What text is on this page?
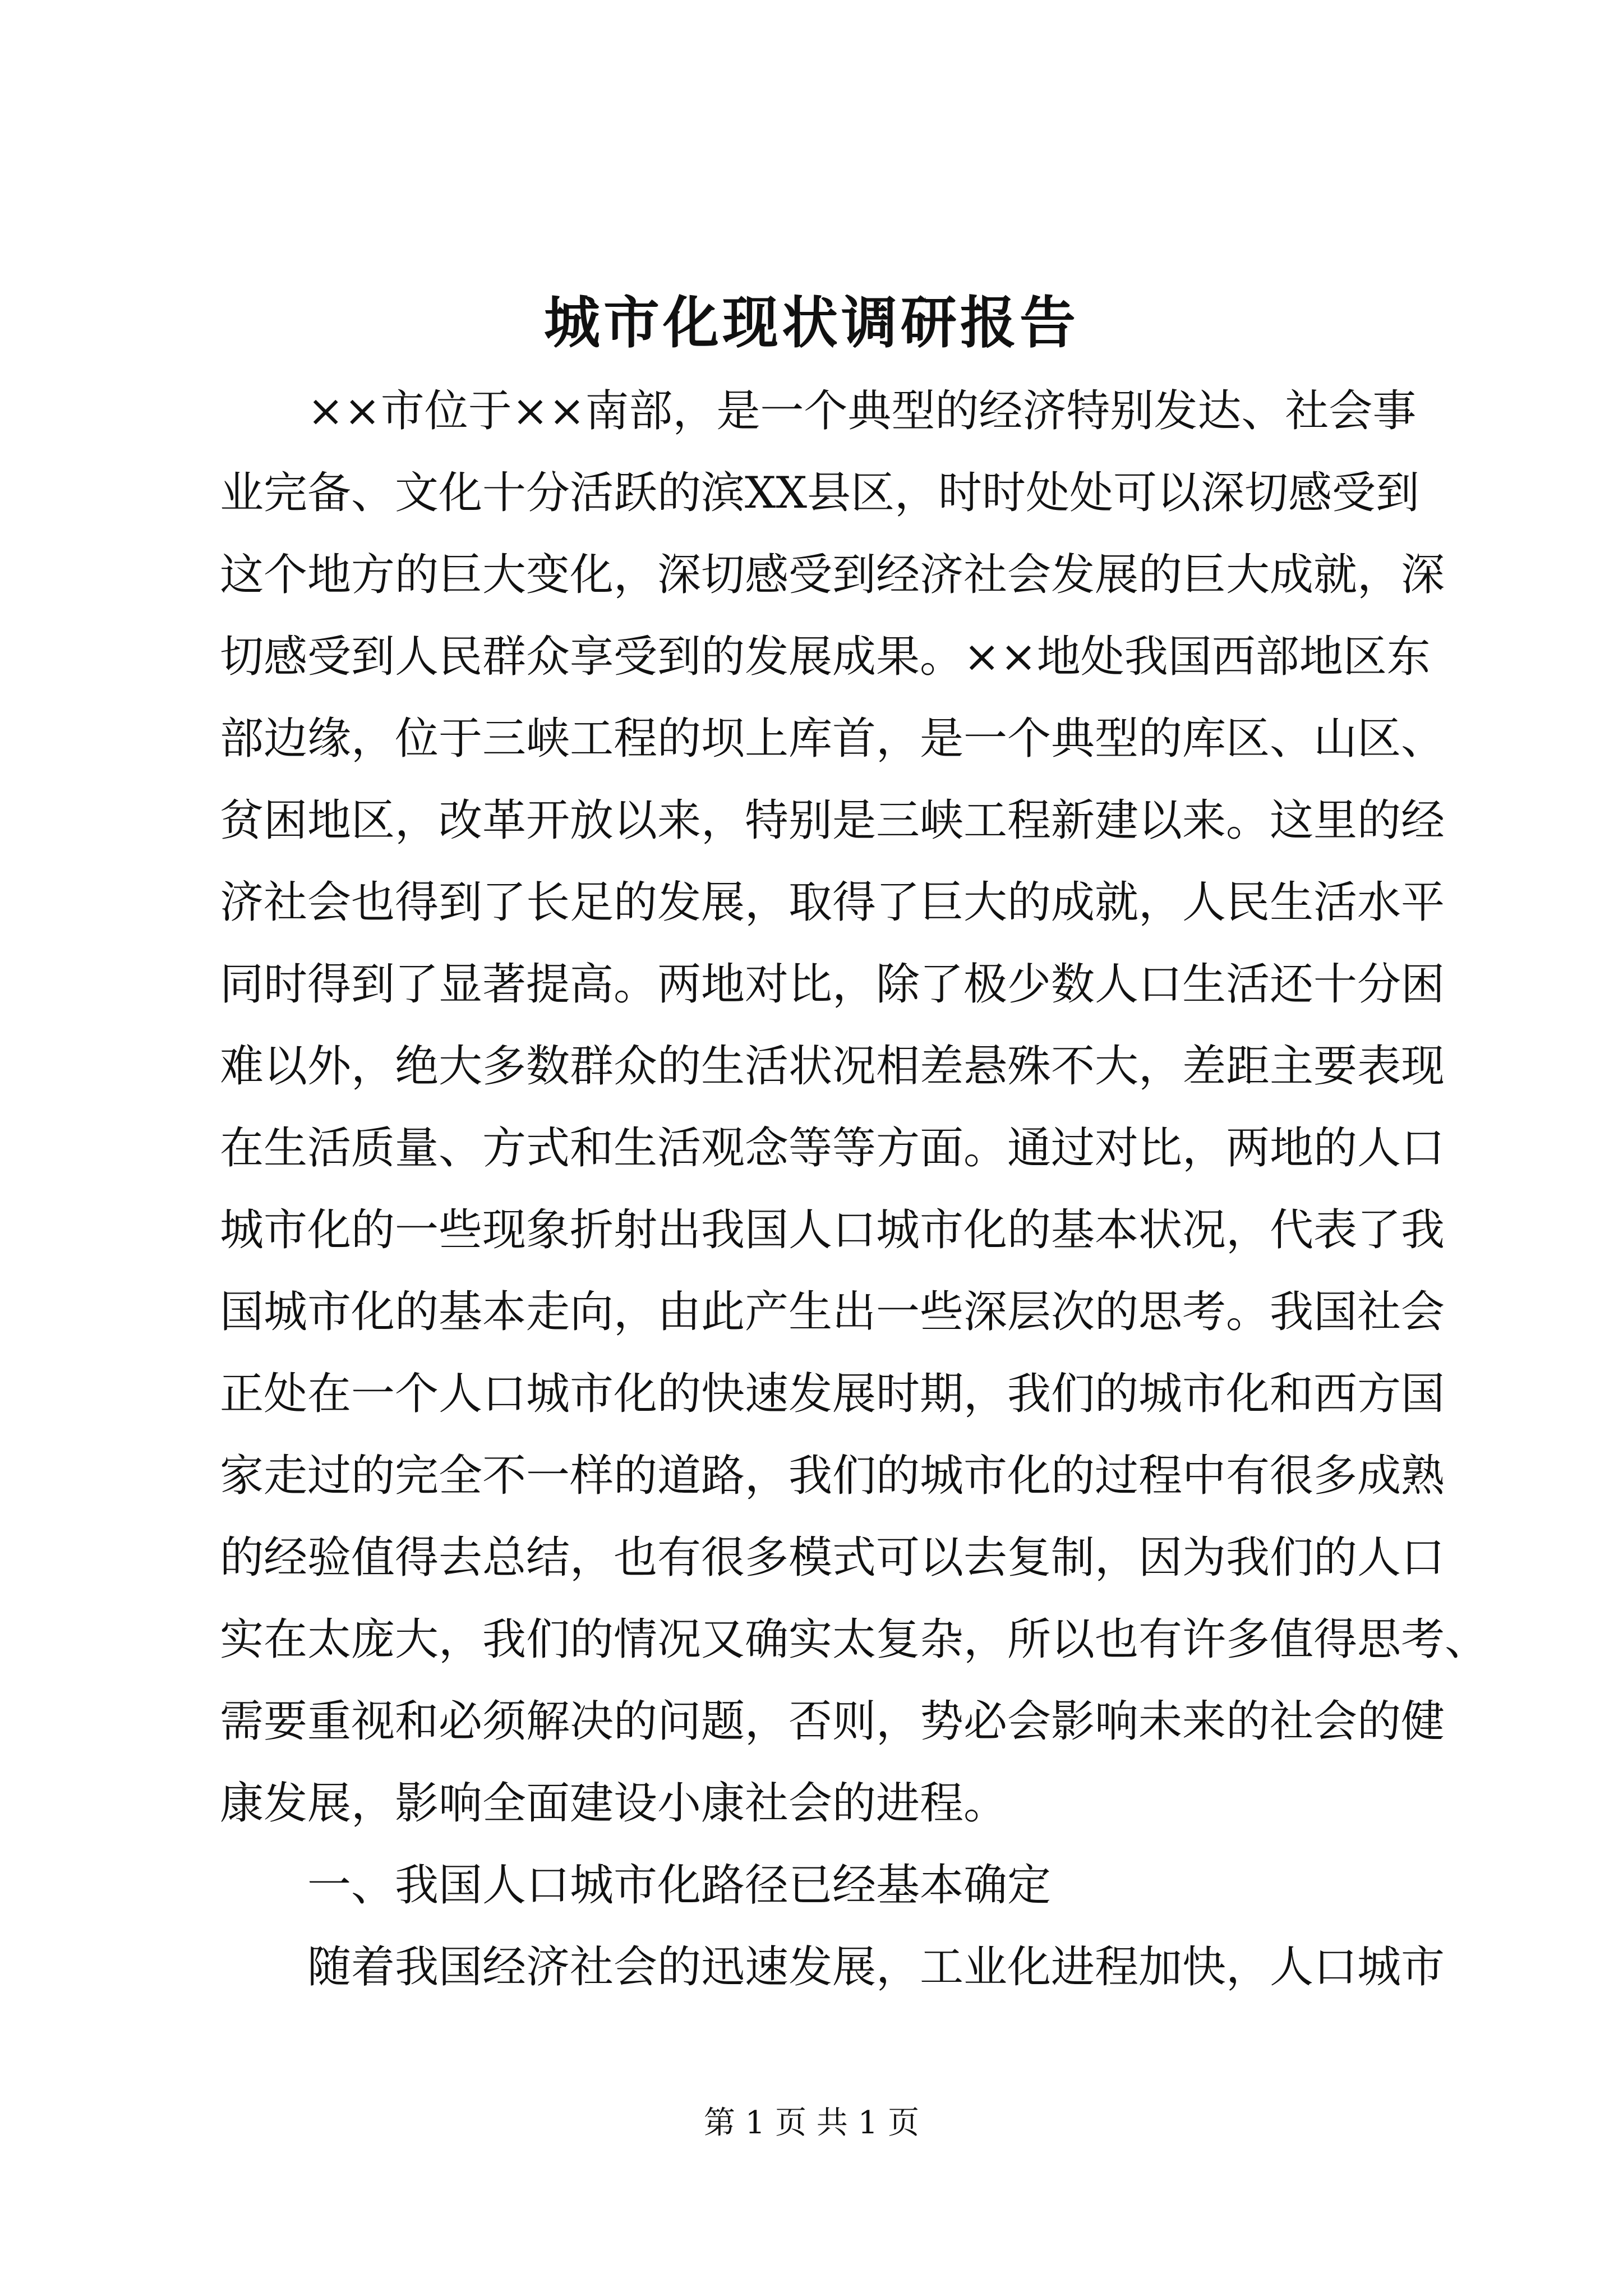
城市化现状调研报告
××市位于××南部，是一个典型的经济特别发达、社会事
业完备、文化十分活跃的滨XX县区，时时处处可以深切感受到
这个地方的巨大变化，深切感受到经济社会发展的巨大成就，深
切感受到人民群众享受到的发展成果。××地处我国西部地区东
部边缘，位于三峡工程的坝上库首，是一个典型的库区、山区、
贫困地区，改革开放以来，特别是三峡工程新建以来。这里的经
济社会也得到了长足的发展，取得了巨大的成就，人民生活水平
同时得到了显著提高。两地对比，除了极少数人口生活还十分困
难以外，绝大多数群众的生活状况相差悬殊不大，差距主要表现
在生活质量、方式和生活观念等等方面。通过对比，两地的人口
城市化的一些现象折射出我国人口城市化的基本状况，代表了我
国城市化的基本走向，由此产生出一些深层次的思考。我国社会
正处在一个人口城市化的快速发展时期，我们的城市化和西方国
家走过的完全不一样的道路，我们的城市化的过程中有很多成熟
的经验值得去总结，也有很多模式可以去复制，因为我们的人口
实在太庞大，我们的情况又确实太复杂，所以也有许多值得思考、
需要重视和必须解决的问题，否则，势必会影响未来的社会的健
康发展，影响全面建设小康社会的进程。
一、我国人口城市化路径已经基本确定
随着我国经济社会的迅速发展，工业化进程加快，人口城市
第 1 页 共 1 页
